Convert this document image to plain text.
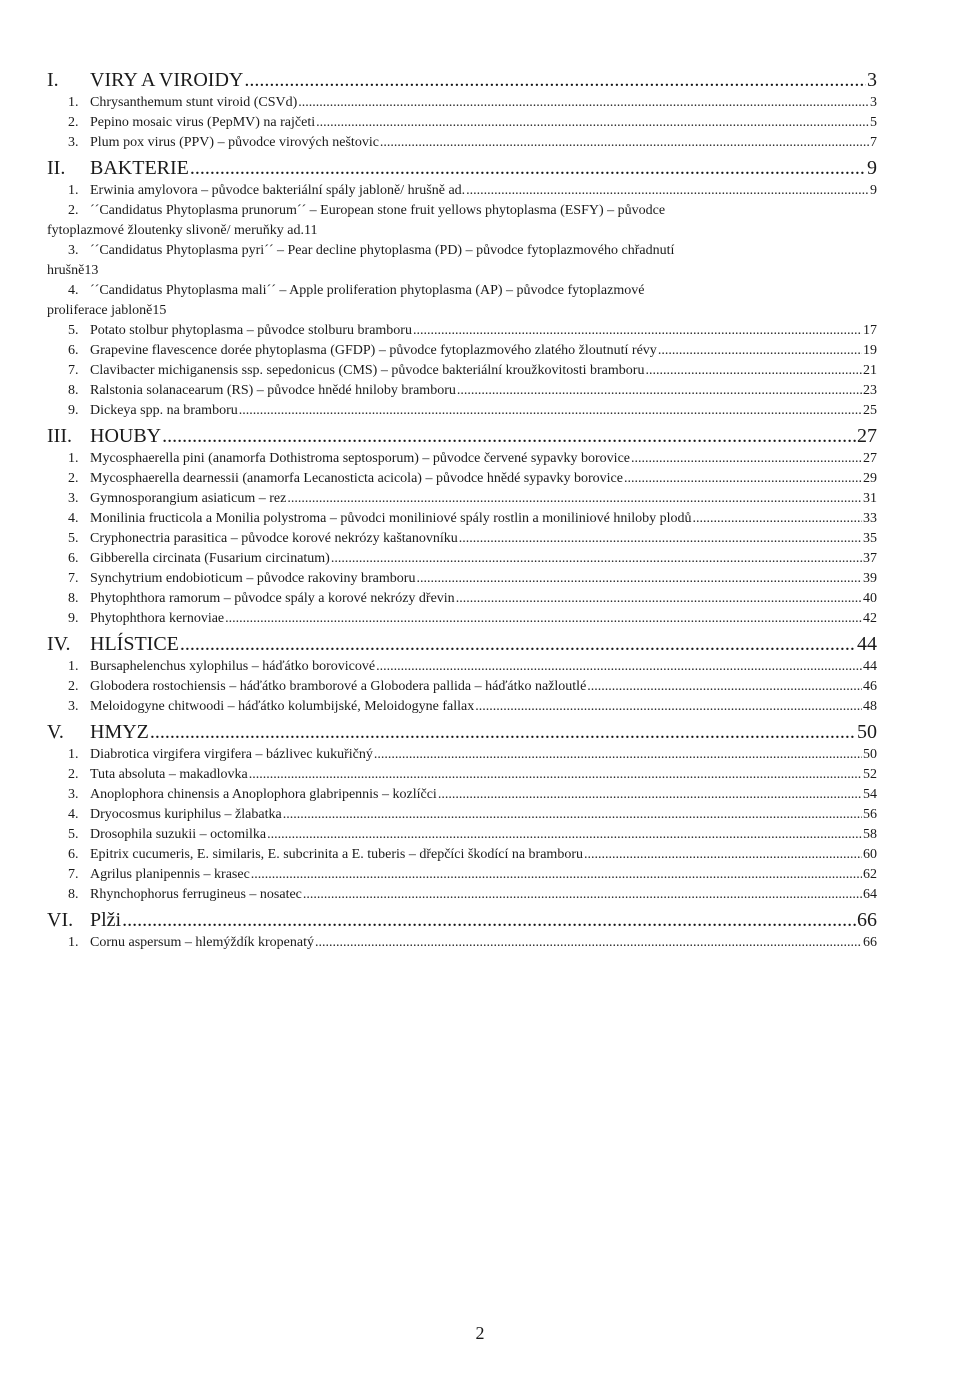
I. VIRY A VIROIDY .....	3
1. Chrysanthemum stunt viroid (CSVd) .....	3
2. Pepino mosaic virus (PepMV) na rajčeti .....	5
3. Plum pox virus (PPV) – původce virových neštovic .....	7
II. BAKTERIE .....	9
1. Erwinia amylovora – původce bakteriální spály jabloně/ hrušně ad. .....	9
2. ´´Candidatus Phytoplasma prunorum´´ – European stone fruit yellows phytoplasma (ESFY) – původce
fytoplazmové žloutenky slivoně/ meruňky ad. 11
3. ´´Candidatus Phytoplasma pyri´´ – Pear decline phytoplasma (PD) – původce fytoplazmového chřadnutí
hrušně 13
4. ´´Candidatus Phytoplasma mali´´ – Apple proliferation phytoplasma (AP) – původce fytoplazmové
proliferace jabloně 15
5. Potato stolbur phytoplasma – původce stolburu bramboru .....	17
6. Grapevine flavescence dorée phytoplasma (GFDP) – původce fytoplazmového zlatého žloutnutí révy .....	19
7. Clavibacter michiganensis ssp. sepedonicus (CMS) – původce bakteriální kroužkovitosti bramboru .....	21
8. Ralstonia solanacearum (RS) – původce hnědé hniloby bramboru .....	23
9. Dickeya spp. na bramboru .....	25
III. HOUBY .....	27
1. Mycosphaerella pini (anamorfa Dothistroma septosporum) – původce červené sypavky borovice .....	27
2. Mycosphaerella dearnessii (anamorfa Lecanosticta acicola) – původce hnědé sypavky borovice .....	29
3. Gymnosporangium asiaticum – rez .....	31
4. Monilinia fructicola a Monilia polystroma – původci moniliniové spály rostlin a moniliniové hniloby plodů .....	33
5. Cryphonectria parasitica – původce korové nekrózy kaštanovníku .....	35
6. Gibberella circinata (Fusarium circinatum) .....	37
7. Synchytrium endobioticum – původce rakoviny bramboru .....	39
8. Phytophthora ramorum – původce spály a korové nekrózy dřevin .....	40
9. Phytophthora kernoviae .....	42
IV. HLÍSTICE .....	44
1. Bursaphelenchus xylophilus – háďátko borovicové .....	44
2. Globodera rostochiensis – háďátko bramborové a Globodera pallida – háďátko nažloutlé .....	46
3. Meloidogyne chitwoodi – háďátko kolumbijské, Meloidogyne fallax .....	48
V. HMYZ .....	50
1. Diabrotica virgifera virgifera – bázlivec kukuřičný .....	50
2. Tuta absoluta – makadlovka .....	52
3. Anoplophora chinensis a Anoplophora glabripennis – kozlíčci .....	54
4. Dryocosmus kuriphilus – žlabatka .....	56
5. Drosophila suzukii – octomilka .....	58
6. Epitrix cucumeris, E. similaris, E. subcrinita a E. tuberis – dřepčíci škodící na bramboru .....	60
7. Agrilus planipennis – krasec .....	62
8. Rhynchophorus ferrugineus – nosatec .....	64
VI. Plži .....	66
1. Cornu aspersum – hlemýždík kropenatý .....	66
2
